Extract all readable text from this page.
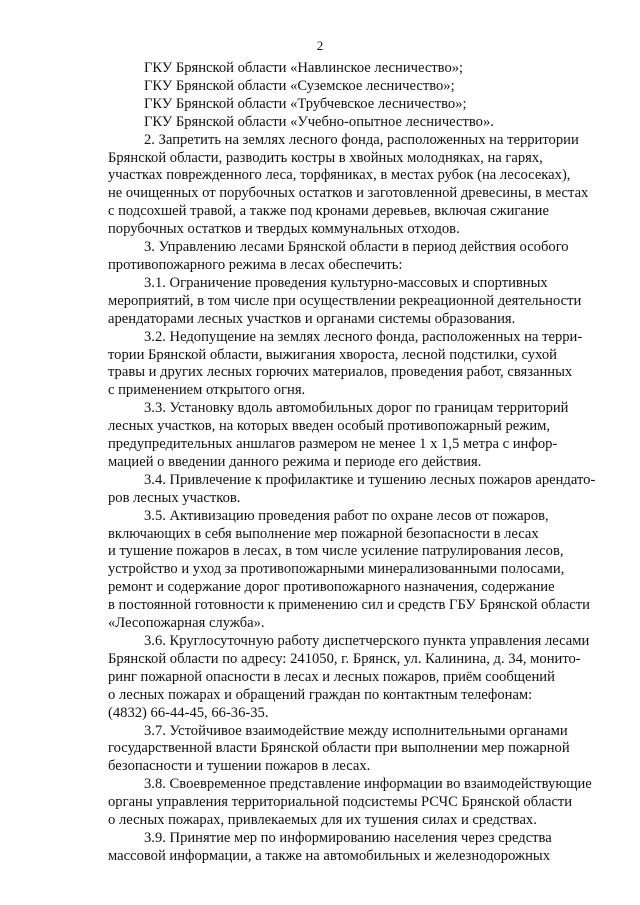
2

ГКУ Брянской области «Навлинское лесничество»;

ГКУ Брянской области «Суземское лесничество»;

ГКУ Брянской области «Трубчевское лесничество»;

ГКУ Брянской области «Учебно-опытное лесничество».

2. Запретить на землях лесного фонда, расположенных на территории
Брянской области, разводить костры в хвойных молодняках, на гарях,
участках поврежденного леса, торфяниках, в местах рубок (на лесосеках),
не очищенных от порубочных остатков и заготовленной древесины, в местах
с подсохшей травой, а также под кронами деревьев, включая сжигание
порубочных остатков и твердых коммунальных отходов.

3. Управлению лесами Брянской области в период действия особого
противопожарного режима в лесах обеспечить:

3.1. Ограничение проведения культурно-массовых и спортивных
мероприятий, в том числе при осуществлении рекреационной деятельности
арендаторами лесных участков и органами системы образования.

3.2. Недопущение на землях лесного фонда, расположенных на терри-
тории Брянской области, выжигания хвороста, лесной подстилки, сухой
травы и других лесных горючих материалов, проведения работ, связанных
с применением открытого огня.

3.3. Установку вдоль автомобильных дорог по границам территорий
лесных участков, на которых введен особый противопожарный режим,
предупредительных аншлагов размером не менее 1 х 1,5 метра с инфор-
мацией о введении данного режима и периоде его действия.

3.4. Привлечение к профилактике и тушению лесных пожаров арендато-
ров лесных участков.

3.5. Активизацию проведения работ по охране лесов от пожаров,
включающих в себя выполнение мер пожарной безопасности в лесах
и тушение пожаров в лесах, в том числе усиление патрулирования лесов,
устройство и уход за противопожарными минерализованными полосами,
ремонт и содержание дорог противопожарного назначения, содержание
в постоянной готовности к применению сил и средств ГБУ Брянской области
«Лесопожарная служба».

3.6. Круглосуточную работу диспетчерского пункта управления лесами
Брянской области по адресу: 241050, г. Брянск, ул. Калинина, д. 34, монито-
ринг пожарной опасности в лесах и лесных пожаров, приём сообщений
о лесных пожарах и обращений граждан по контактным телефонам:
(4832) 66-44-45, 66-36-35.

3.7. Устойчивое взаимодействие между исполнительными органами
государственной власти Брянской области при выполнении мер пожарной
безопасности и тушении пожаров в лесах.

3.8. Своевременное представление информации во взаимодействующие
органы управления территориальной подсистемы РСЧС Брянской области
о лесных пожарах, привлекаемых для их тушения силах и средствах.

3.9. Принятие мер по информированию населения через средства
массовой информации, а также на автомобильных и железнодорожных
